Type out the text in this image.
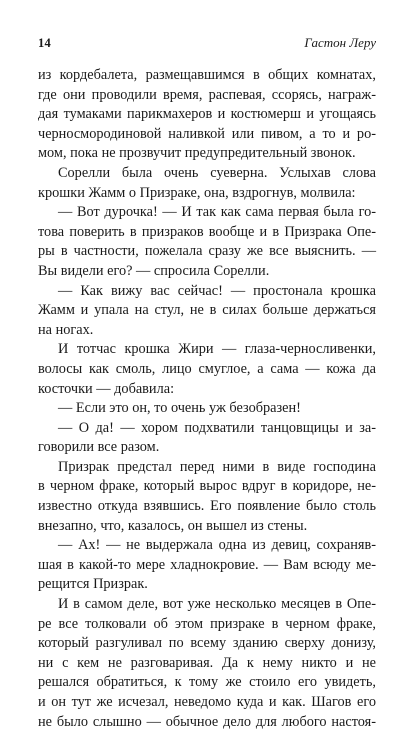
14	Гастон Леру
из кордебалета, размещавшимся в общих комнатах,
где они проводили время, распевая, ссорясь, награж-
дая тумаками парикмахеров и костюмерш и угощаясь
черносмородиновой наливкой или пивом, а то и ро-
мом, пока не прозвучит предупредительный звонок.
Сорелли была очень суеверна. Услыхав слова
крошки Жамм о Призраке, она, вздрогнув, молвила:
— Вот дурочка! — И так как сама первая была го-
това поверить в призраков вообще и в Призрака Опе-
ры в частности, пожелала сразу же все выяснить. —
Вы видели его? — спросила Сорелли.
— Как вижу вас сейчас! — простонала крошка
Жамм и упала на стул, не в силах больше держаться
на ногах.
И тотчас крошка Жири — глаза-черносливенки,
волосы как смоль, лицо смуглое, а сама — кожа да
косточки — добавила:
— Если это он, то очень уж безобразен!
— О да! — хором подхватили танцовщицы и за-
говорили все разом.
Призрак предстал перед ними в виде господина
в черном фраке, который вырос вдруг в коридоре, не-
известно откуда взявшись. Его появление было столь
внезапно, что, казалось, он вышел из стены.
— Ах! — не выдержала одна из девиц, сохраняв-
шая в какой-то мере хладнокровие. — Вам всюду ме-
рещится Призрак.
И в самом деле, вот уже несколько месяцев в Опе-
ре все толковали об этом призраке в черном фраке,
который разгуливал по всему зданию сверху донизу,
ни с кем не разговаривая. Да к нему никто и не
решался обратиться, к тому же стоило его увидеть,
и он тут же исчезал, неведомо куда и как. Шагов его
не было слышно — обычное дело для любого настоя-
